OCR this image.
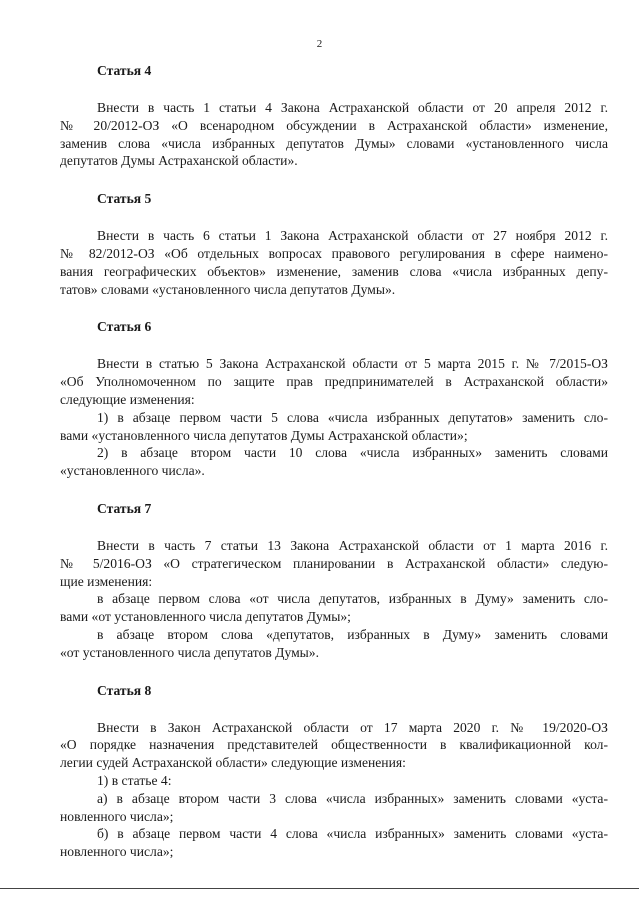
2
Статья 4
Внести в часть 1 статьи 4 Закона Астраханской области от 20 апреля 2012 г.
№ 20/2012-ОЗ «О всенародном обсуждении в Астраханской области» изменение,
заменив слова «числа избранных депутатов Думы» словами «установленного числа
депутатов Думы Астраханской области».
Статья 5
Внести в часть 6 статьи 1 Закона Астраханской области от 27 ноября 2012 г.
№ 82/2012-ОЗ «Об отдельных вопросах правового регулирования в сфере наимено-
вания географических объектов» изменение, заменив слова «числа избранных депу-
татов» словами «установленного числа депутатов Думы».
Статья 6
Внести в статью 5 Закона Астраханской области от 5 марта 2015 г. № 7/2015-ОЗ
«Об Уполномоченном по защите прав предпринимателей в Астраханской области»
следующие изменения:
1) в абзаце первом части 5 слова «числа избранных депутатов» заменить сло-
вами «установленного числа депутатов Думы Астраханской области»;
2) в абзаце втором части 10 слова «числа избранных» заменить словами
«установленного числа».
Статья 7
Внести в часть 7 статьи 13 Закона Астраханской области от 1 марта 2016 г.
№ 5/2016-ОЗ «О стратегическом планировании в Астраханской области» следую-
щие изменения:
в абзаце первом слова «от числа депутатов, избранных в Думу» заменить сло-
вами «от установленного числа депутатов Думы»;
в абзаце втором слова «депутатов, избранных в Думу» заменить словами
«от установленного числа депутатов Думы».
Статья 8
Внести в Закон Астраханской области от 17 марта 2020 г. № 19/2020-ОЗ
«О порядке назначения представителей общественности в квалификационной кол-
легии судей Астраханской области» следующие изменения:
1) в статье 4:
а) в абзаце втором части 3 слова «числа избранных» заменить словами «уста-
новленного числа»;
б) в абзаце первом части 4 слова «числа избранных» заменить словами «уста-
новленного числа»;
